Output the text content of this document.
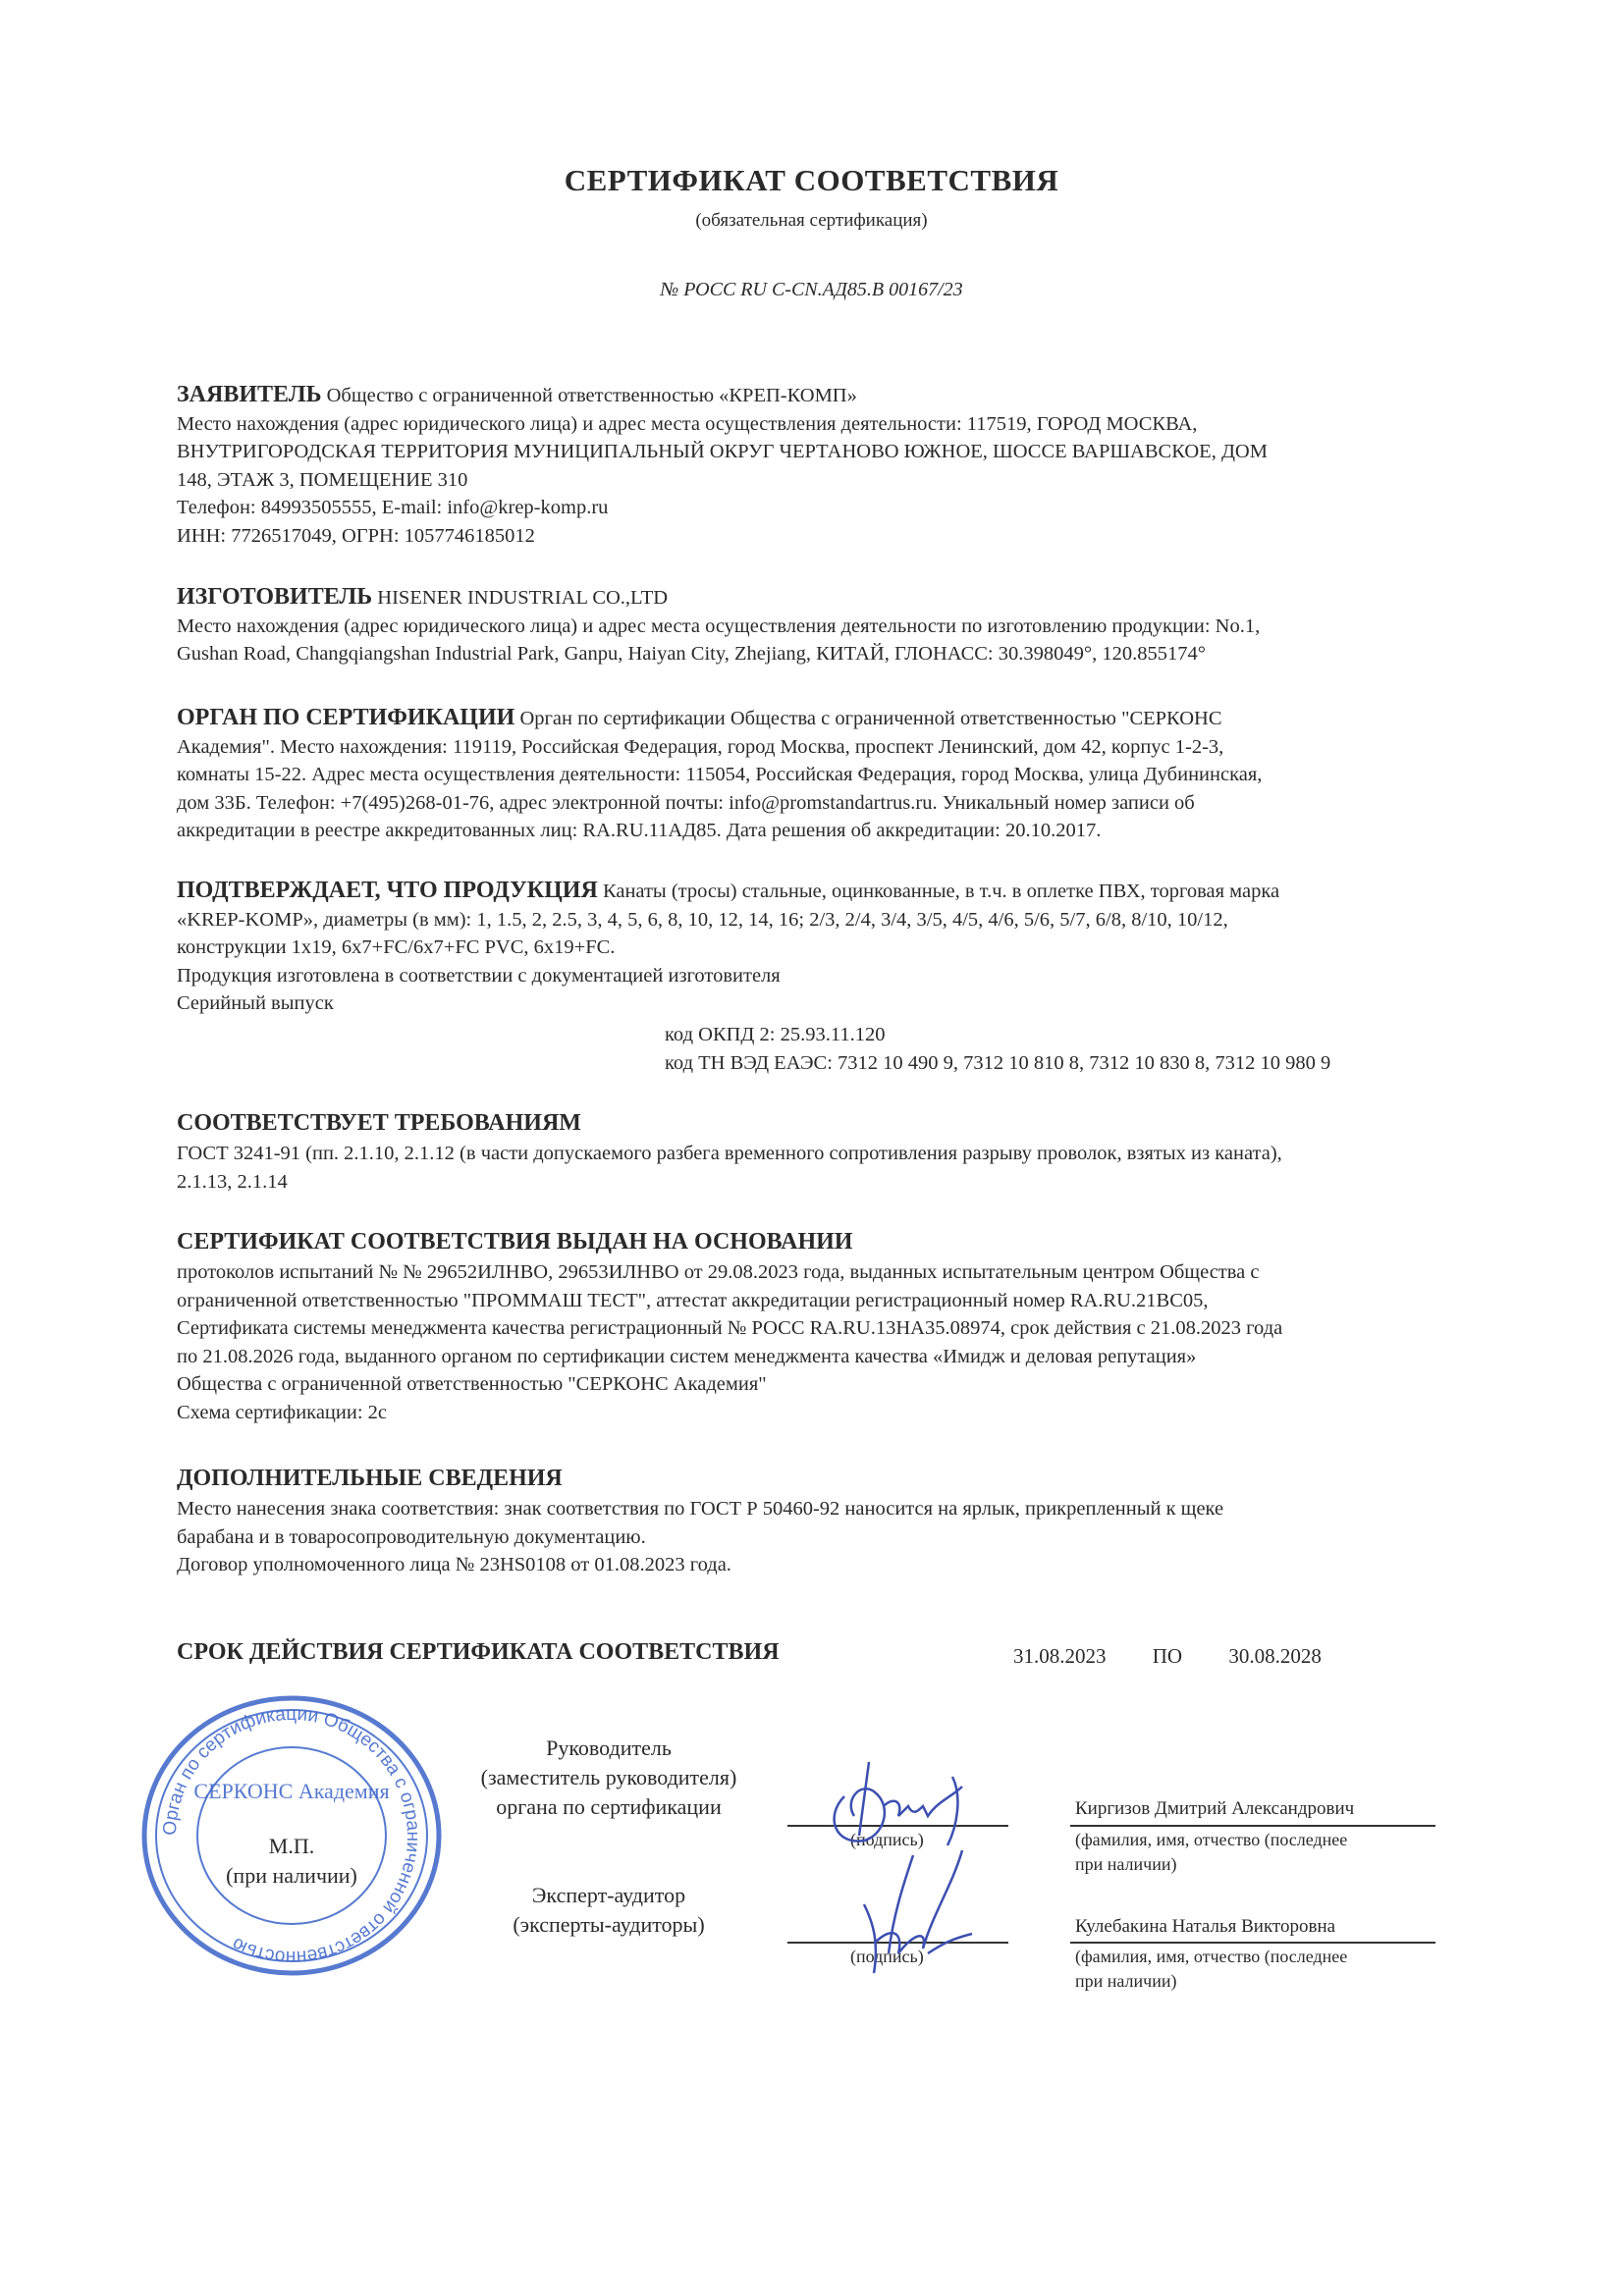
СЕРТИФИКАТ СООТВЕТСТВИЯ
(обязательная сертификация)
№ РОСС RU С-CN.АД85.В 00167/23
ЗАЯВИТЕЛЬ Общество с ограниченной ответственностью «КРЕП-КОМП»
Место нахождения (адрес юридического лица) и адрес места осуществления деятельности: 117519, ГОРОД МОСКВА,
ВНУТРИГОРОДСКАЯ ТЕРРИТОРИЯ МУНИЦИПАЛЬНЫЙ ОКРУГ ЧЕРТАНОВО ЮЖНОЕ, ШОССЕ ВАРШАВСКОЕ, ДОМ
148, ЭТАЖ 3, ПОМЕЩЕНИЕ 310
Телефон: 84993505555, E-mail: info@krep-komp.ru
ИНН: 7726517049, ОГРН: 1057746185012
ИЗГОТОВИТЕЛЬ HISENER INDUSTRIAL CO.,LTD
Место нахождения (адрес юридического лица) и адрес места осуществления деятельности по изготовлению продукции: No.1,
Gushan Road, Changqiangshan Industrial Park, Ganpu, Haiyan City, Zhejiang, КИТАЙ, ГЛОНАСС: 30.398049°, 120.855174°
ОРГАН ПО СЕРТИФИКАЦИИ Орган по сертификации Общества с ограниченной ответственностью "СЕРКОНС
Академия". Место нахождения: 119119, Российская Федерация, город Москва, проспект Ленинский, дом 42, корпус 1-2-3,
комнаты 15-22. Адрес места осуществления деятельности: 115054, Российская Федерация, город Москва, улица Дубининская,
дом 33Б. Телефон: +7(495)268-01-76, адрес электронной почты: info@promstandartrus.ru. Уникальный номер записи об
аккредитации в реестре аккредитованных лиц: RA.RU.11АД85. Дата решения об аккредитации: 20.10.2017.
ПОДТВЕРЖДАЕТ, ЧТО ПРОДУКЦИЯ Канаты (тросы) стальные, оцинкованные, в т.ч. в оплетке ПВХ, торговая марка
«KREP-KOMP», диаметры (в мм): 1, 1.5, 2, 2.5, 3, 4, 5, 6, 8, 10, 12, 14, 16; 2/3, 2/4, 3/4, 3/5, 4/5, 4/6, 5/6, 5/7, 6/8, 8/10, 10/12,
конструкции 1х19, 6х7+FC/6х7+FC PVC, 6х19+FC.
Продукция изготовлена в соответствии с документацией изготовителя
Серийный выпуск
код ОКПД 2: 25.93.11.120
код ТН ВЭД ЕАЭС: 7312 10 490 9, 7312 10 810 8, 7312 10 830 8, 7312 10 980 9
СООТВЕТСТВУЕТ ТРЕБОВАНИЯМ
ГОСТ 3241-91 (пп. 2.1.10, 2.1.12 (в части допускаемого разбега временного сопротивления разрыву проволок, взятых из каната),
2.1.13, 2.1.14
СЕРТИФИКАТ СООТВЕТСТВИЯ ВЫДАН НА ОСНОВАНИИ
протоколов испытаний № № 29652ИЛНВО, 29653ИЛНВО от 29.08.2023 года, выданных испытательным центром Общества с
ограниченной ответственностью "ПРОММАШ ТЕСТ", аттестат аккредитации регистрационный номер RA.RU.21ВС05,
Сертификата системы менеджмента качества регистрационный № РОСС RA.RU.13НА35.08974, срок действия с 21.08.2023 года
по 21.08.2026 года, выданного органом по сертификации систем менеджмента качества «Имидж и деловая репутация»
Общества с ограниченной ответственностью "СЕРКОНС Академия"
Схема сертификации: 2с
ДОПОЛНИТЕЛЬНЫЕ СВЕДЕНИЯ
Место нанесения знака соответствия: знак соответствия по ГОСТ Р 50460-92 наносится на ярлык, прикрепленный к щеке
барабана и в товаросопроводительную документацию.
Договор уполномоченного лица № 23HS0108 от 01.08.2023 года.
СРОК ДЕЙСТВИЯ СЕРТИФИКАТА СООТВЕТСТВИЯ	31.08.2023 ПО 30.08.2028
Орган по сертификации Общества с ограниченной ответственностью
СЕРКОНС Академия
М.П.
(при наличии)
Руководитель
(заместитель руководителя)
органа по сертификации
Эксперт-аудитор
(эксперты-аудиторы)
(подпись)
Киргизов Дмитрий Александрович
(фамилия, имя, отчество (последнее
при наличии)
(подпись)
Кулебакина Наталья Викторовна
(фамилия, имя, отчество (последнее
при наличии)
